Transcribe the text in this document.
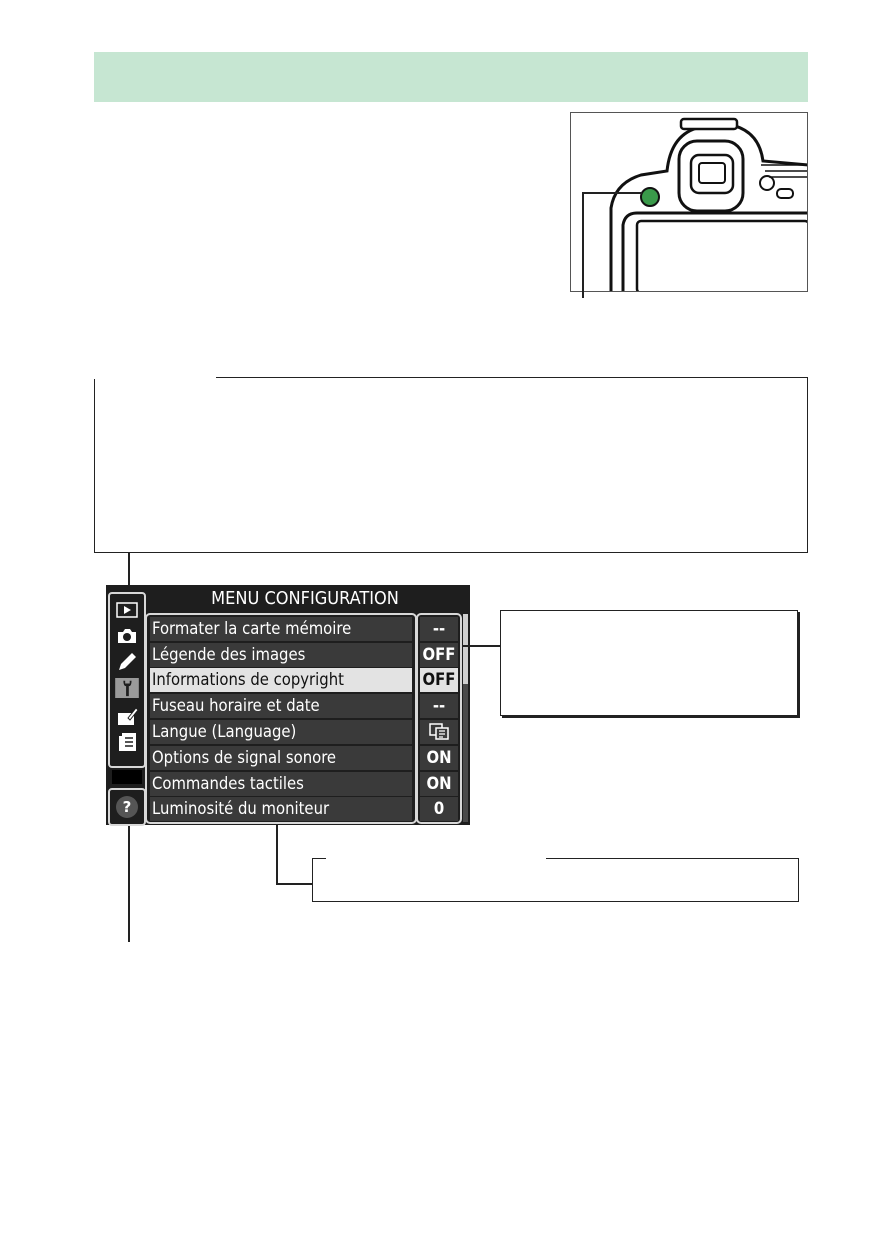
MENU CONFIGURATION
?
Formater la carte mémoire	--
Légende des images	OFF
Informations de copyright	OFF
Fuseau horaire et date	--
Langue (Language)
Options de signal sonore	ON
Commandes tactiles	ON
Luminosité du moniteur	0
